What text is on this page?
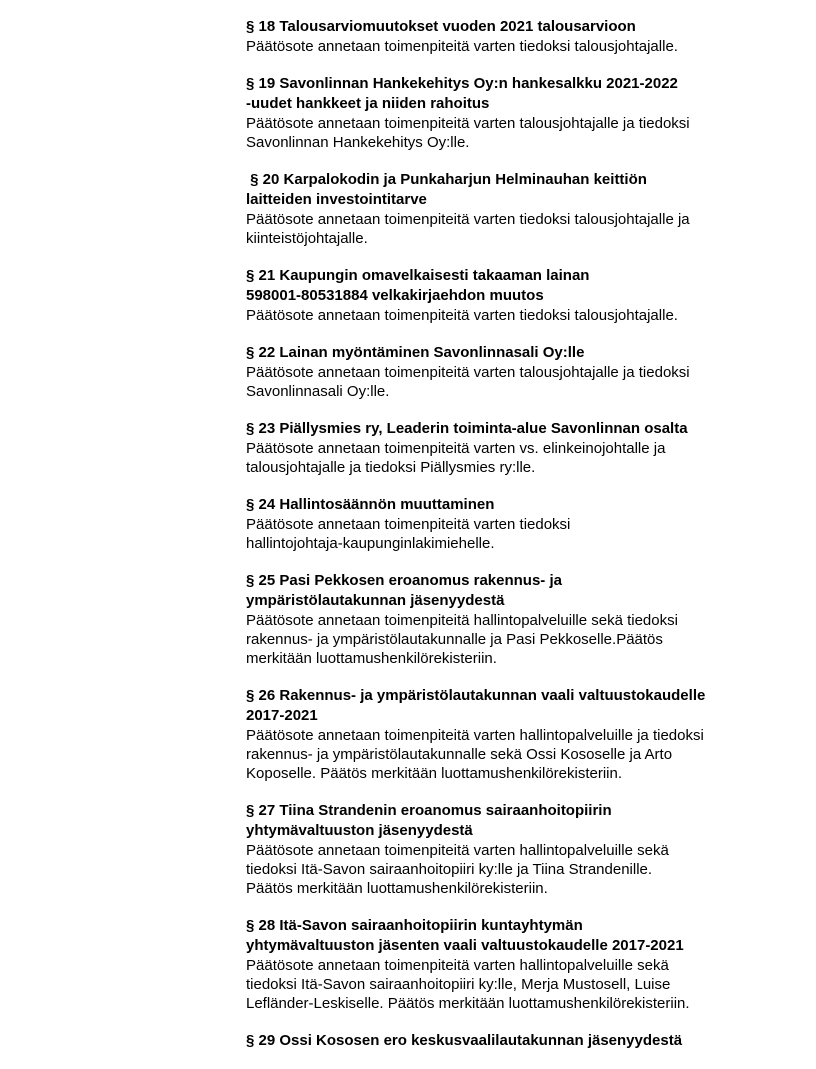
§ 18 Talousarviomuutokset vuoden 2021 talousarvioon
Päätösote annetaan toimenpiteitä varten tiedoksi talousjohtajalle.
§ 19 Savonlinnan Hankekehitys Oy:n hankesalkku 2021-2022
-uudet hankkeet ja niiden rahoitus
Päätösote annetaan toimenpiteitä varten talousjohtajalle ja tiedoksi
Savonlinnan Hankekehitys Oy:lle.
§ 20 Karpalokodin ja Punkaharjun Helminauhan keittiön
laitteiden investointitarve
Päätösote annetaan toimenpiteitä varten tiedoksi talousjohtajalle ja
kiinteistöjohtajalle.
§ 21 Kaupungin omavelkaisesti takaaman lainan
598001-80531884 velkakirjaehdon muutos
Päätösote annetaan toimenpiteitä varten tiedoksi talousjohtajalle.
§ 22 Lainan myöntäminen Savonlinnasali Oy:lle
Päätösote annetaan toimenpiteitä varten talousjohtajalle ja tiedoksi
Savonlinnasali Oy:lle.
§ 23 Piällysmies ry, Leaderin toiminta-alue Savonlinnan osalta
Päätösote annetaan toimenpiteitä varten vs. elinkeinojohtalle ja
talousjohtajalle ja tiedoksi Piällysmies ry:lle.
§ 24 Hallintosäännön muuttaminen
Päätösote annetaan toimenpiteitä varten tiedoksi
hallintojohtaja-kaupunginlakimiehelle.
§ 25 Pasi Pekkosen eroanomus rakennus- ja
ympäristölautakunnan jäsenyydestä
Päätösote annetaan toimenpiteitä hallintopalveluille sekä tiedoksi
rakennus- ja ympäristölautakunnalle ja Pasi Pekkoselle.Päätös
merkitään luottamushenkilörekisteriin.
§ 26 Rakennus- ja ympäristölautakunnan vaali valtuustokaudelle
2017-2021
Päätösote annetaan toimenpiteitä varten hallintopalveluille ja tiedoksi
rakennus- ja ympäristölautakunnalle sekä Ossi Kososelle ja Arto
Koposelle. Päätös merkitään luottamushenkilörekisteriin.
§ 27 Tiina Strandenin eroanomus sairaanhoitopiirin
yhtymävaltuuston jäsenyydestä
Päätösote annetaan toimenpiteitä varten hallintopalveluille sekä
tiedoksi Itä-Savon sairaanhoitopiiri ky:lle ja Tiina Strandenille.
Päätös merkitään luottamushenkilörekisteriin.
§ 28 Itä-Savon sairaanhoitopiirin kuntayhtymän
yhtymävaltuuston jäsenten vaali valtuustokaudelle 2017-2021
Päätösote annetaan toimenpiteitä varten hallintopalveluille sekä
tiedoksi Itä-Savon sairaanhoitopiiri ky:lle, Merja Mustosell, Luise
Lefländer-Leskiselle. Päätös merkitään luottamushenkilörekisteriin.
§ 29 Ossi Kososen ero keskusvaalilautakunnan jäsenyydestä
